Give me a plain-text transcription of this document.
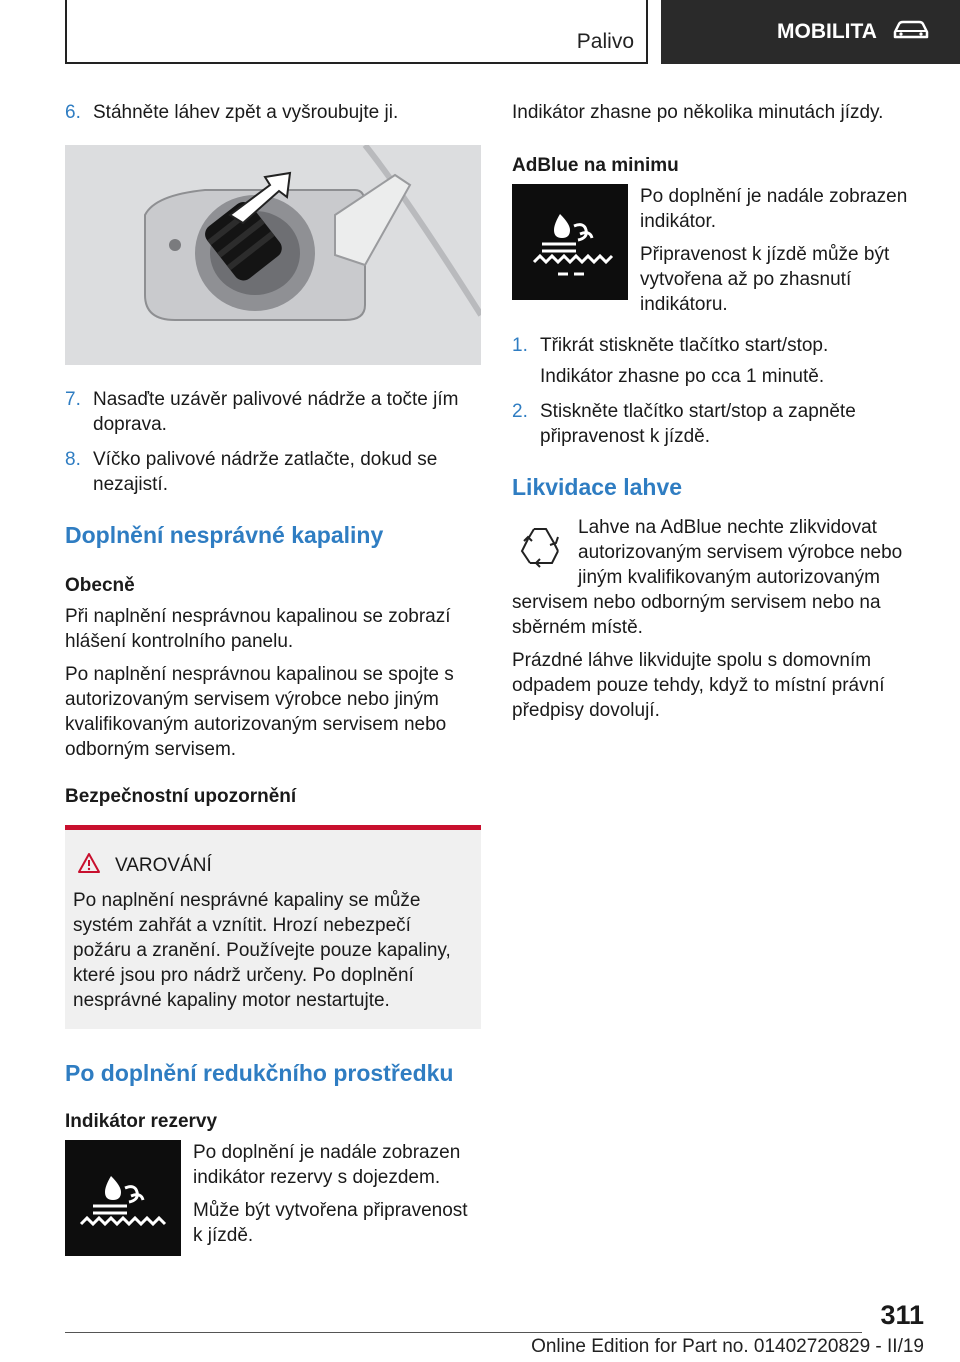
Palivo	MOBILITA
6. Stáhněte láhev zpět a vyšroubujte ji.
7. Nasaďte uzávěr palivové nádrže a točte jím doprava.
8. Víčko palivové nádrže zatlačte, dokud se nezajistí.
Doplnění nesprávné kapaliny
Obecně

Při naplnění nesprávnou kapalinou se zobrazí hlášení kontrolního panelu.

Po naplnění nesprávnou kapalinou se spojte s autorizovaným servisem výrobce nebo jiným kvalifikovaným autorizovaným servisem nebo odborným servisem.

Bezpečnostní upozornění
VAROVÁNÍ

Po naplnění nesprávné kapaliny se může systém zahřát a vznítit. Hrozí nebezpečí požáru a zranění. Používejte pouze kapaliny, které jsou pro nádrž určeny. Po doplnění nesprávné kapaliny motor nestartujte.

Po doplnění redukčního prostředku
Indikátor rezervy

Po doplnění je nadále zobrazen indikátor rezervy s dojezdem.

Může být vytvořena připravenost k jízdě.

Indikátor zhasne po několika minutách jízdy.

AdBlue na minimu

Po doplnění je nadále zobrazen indikátor.

Připravenost k jízdě může být vytvořena až po zhasnutí indikátoru.

1. Třikrát stiskněte tlačítko start/stop.

Indikátor zhasne po cca 1 minutě.

2. Stiskněte tlačítko start/stop a zapněte připravenost k jízdě.
Likvidace lahve

Lahve na AdBlue nechte zlikvidovat autorizovaným servisem výrobce nebo jiným kvalifikovaným autorizovaným servisem nebo odborným servisem nebo na sběrném místě.

Prázdné láhve likvidujte spolu s domovním odpadem pouze tehdy, když to místní právní předpisy dovolují.

311
Online Edition for Part no. 01402720829 - II/19
